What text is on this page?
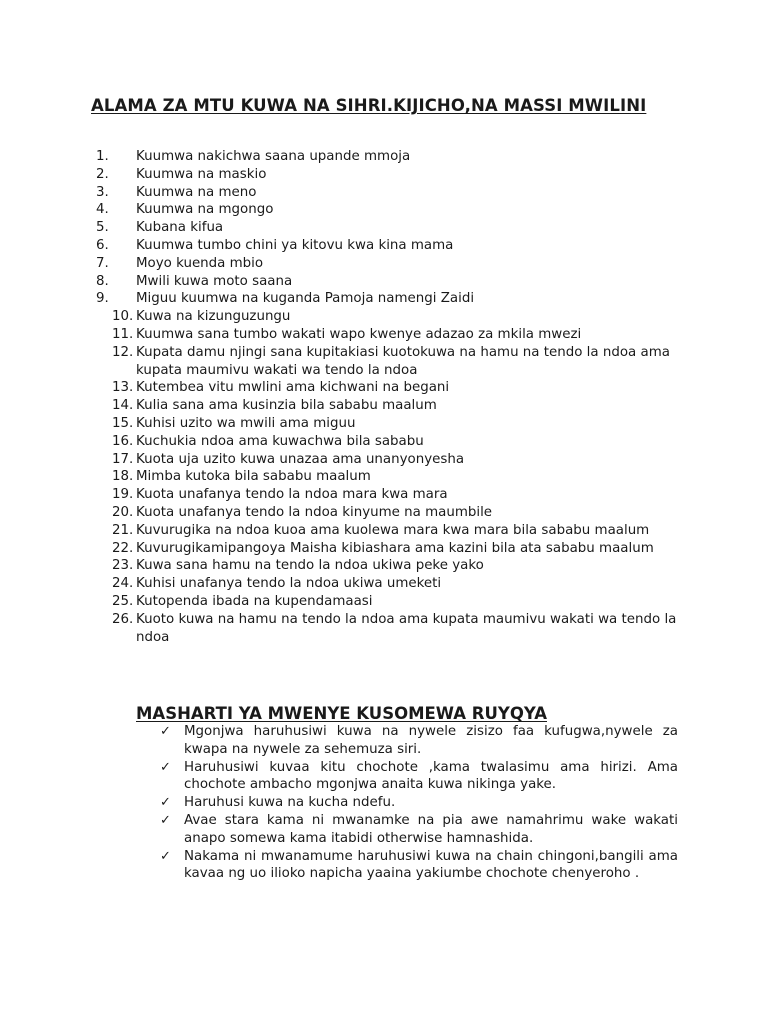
ALAMA ZA MTU KUWA NA SIHRI.KIJICHO,NA MASSI MWILINI
1.	Kuumwa nakichwa saana upande mmoja
2.	Kuumwa na maskio
3.	Kuumwa na meno
4.	Kuumwa na mgongo
5.	Kubana kifua
6.	Kuumwa tumbo chini ya kitovu kwa kina mama
7.	Moyo kuenda mbio
8.	Mwili kuwa moto saana
9.	Miguu kuumwa na kuganda Pamoja namengi Zaidi
10. Kuwa na kizunguzungu
11. Kuumwa sana tumbo wakati wapo kwenye adazao za mkila mwezi
12. Kupata damu njingi sana kupitakiasi kuotokuwa na hamu na tendo la ndoa ama kupata maumivu wakati wa tendo la ndoa
13. Kutembea vitu mwlini ama kichwani na begani
14. Kulia sana ama kusinzia bila sababu maalum
15. Kuhisi uzito wa mwili ama miguu
16. Kuchukia ndoa ama kuwachwa bila sababu
17. Kuota uja uzito kuwa unazaa ama unanyonyesha
18. Mimba kutoka bila sababu maalum
19. Kuota unafanya tendo la ndoa mara kwa mara
20. Kuota unafanya tendo la ndoa kinyume na maumbile
21. Kuvurugika na ndoa kuoa ama kuolewa mara kwa mara bila sababu maalum
22. Kuvurugikamipangoya Maisha kibiashara ama kazini bila ata sababu maalum
23. Kuwa sana hamu na tendo la ndoa ukiwa peke yako
24. Kuhisi unafanya tendo la ndoa ukiwa umeketi
25. Kutopenda ibada na kupendamaasi
26. Kuoto kuwa na hamu na tendo la ndoa ama kupata maumivu wakati wa tendo la ndoa
MASHARTI YA MWENYE KUSOMEWA RUYQYA
✓ Mgonjwa haruhusiwi kuwa na nywele zisizo faa kufugwa,nywele za kwapa na nywele za sehemuza siri.
✓ Haruhusiwi kuvaa kitu chochote ,kama twalasimu ama hirizi. Ama chochote ambacho mgonjwa anaita kuwa nikinga yake.
✓ Haruhusi kuwa na kucha ndefu.
✓ Avae stara kama ni mwanamke na pia awe namahrimu wake wakati anapo somewa kama itabidi otherwise hamnashida.
✓ Nakama ni mwanamume haruhusiwi kuwa na chain chingoni,bangili ama kavaa ng uo ilioko napicha yaaina yakiumbe chochote chenyeroho .
